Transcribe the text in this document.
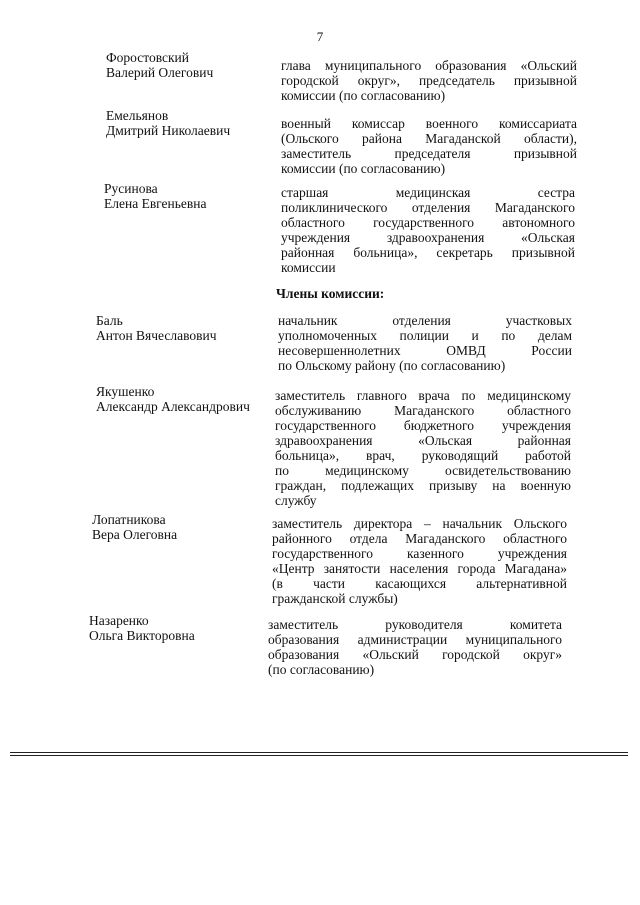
7
Форостовский
Валерий Олегович	глава муниципального образования «Ольский
городской округ», председатель призывной
комиссии (по согласованию)
Емельянов
Дмитрий Николаевич	военный комиссар военного комиссариата
(Ольского района Магаданской области),
заместитель председателя призывной
комиссии (по согласованию)
Русинова
Елена Евгеньевна
старшая медицинская сестра
поликлинического отделения Магаданского
областного государственного автономного
учреждения здравоохранения «Ольская
районная больница», секретарь призывной
комиссии
Члены комиссии:
Баль
Антон Вячеславович
начальник отделения участковых
уполномоченных полиции и по делам
несовершеннолетних ОМВД России
по Ольскому району (по согласованию)
Якушенко
Александр Александрович
заместитель главного врача по медицинскому
обслуживанию Магаданского областного
государственного бюджетного учреждения
здравоохранения «Ольская районная
больница», врач, руководящий работой
по медицинскому освидетельствованию
граждан, подлежащих призыву на военную
службу
Лопатникова
Вера Олеговна
заместитель директора – начальник Ольского
районного отдела Магаданского областного
государственного казенного учреждения
«Центр занятости населения города Магадана»
(в части касающихся альтернативной
гражданской службы)
Назаренко
Ольга Викторовна
заместитель руководителя комитета
образования администрации муниципального
образования «Ольский городской округ»
(по согласованию)
